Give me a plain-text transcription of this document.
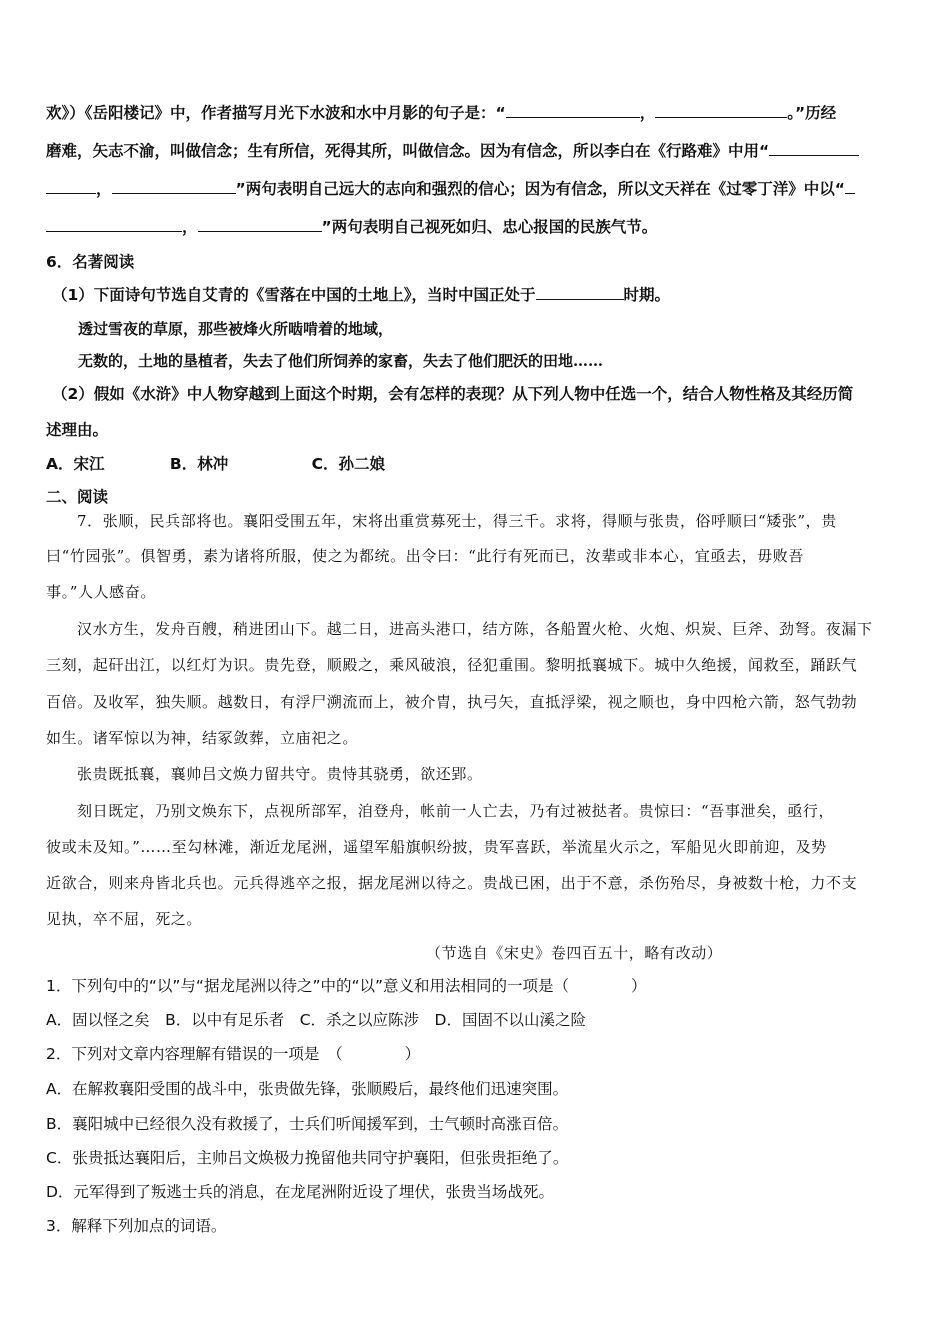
欢》）《岳阳楼记》中，作者描写月光下水波和水中月影的句子是：“	，	。”历经
磨难，矢志不渝，叫做信念；生有所信，死得其所，叫做信念。因为有信念，所以李白在《行路难》中用“
，	”两句表明自己远大的志向和强烈的信心；因为有信念，所以文天祥在《过零丁洋》中以“
，	”两句表明自己视死如归、忠心报国的民族气节。
6．名著阅读
（1）下面诗句节选自艾青的《雪落在中国的土地上》，当时中国正处于	时期。
透过雪夜的草原，那些被烽火所啮啃着的地域，
无数的，土地的垦植者，失去了他们所饲养的家畜，失去了他们肥沃的田地……
（2）假如《水浒》中人物穿越到上面这个时期，会有怎样的表现？从下列人物中任选一个，结合人物性格及其经历简
述理由。
A．宋江	B．林冲	C．孙二娘
二、阅读
7．张顺，民兵部将也。襄阳受围五年，宋将出重赏募死士，得三千。求将，得顺与张贵，俗呼顺曰“矮张”，贵
曰“竹园张”。俱智勇，素为诸将所服，使之为都统。出令曰：“此行有死而已，汝辈或非本心，宜亟去，毋败吾
事。”人人感奋。
汉水方生，发舟百艘，稍进团山下。越二日，进高头港口，结方陈，各船置火枪、火炮、炽炭、巨斧、劲弩。夜漏下
三刻，起矸出江，以红灯为识。贵先登，顺殿之，乘风破浪，径犯重围。黎明抵襄城下。城中久绝援，闻救至，踊跃气
百倍。及收军，独失顺。越数日，有浮尸溯流而上，被介胄，执弓矢，直抵浮梁，视之顺也，身中四枪六箭，怒气勃勃
如生。诸军惊以为神，结冢敛葬，立庙祀之。
张贵既抵襄，襄帅吕文焕力留共守。贵恃其骁勇，欲还郢。
刻日既定，乃别文焕东下，点视所部军，洎登舟，帐前一人亡去，乃有过被挞者。贵惊曰：“吾事泄矣，亟行，
彼或未及知。”……至勾林滩，渐近龙尾洲，遥望军船旗帜纷披，贵军喜跃，举流星火示之，军船见火即前迎，及势
近欲合，则来舟皆北兵也。元兵得逃卒之报，据龙尾洲以待之。贵战已困，出于不意，杀伤殆尽，身被数十枪，力不支
见执，卒不屈，死之。
（节选自《宋史》卷四百五十，略有改动）
1．下列句中的“以”与“据龙尾洲以待之”中的“以”意义和用法相同的一项是（　　　　）
A．固以怪之矣　B．以中有足乐者　C．杀之以应陈涉　D．国固不以山溪之险
2．下列对文章内容理解有错误的一项是　（　　　　）
A．在解救襄阳受围的战斗中，张贵做先锋，张顺殿后，最终他们迅速突围。
B．襄阳城中已经很久没有救援了，士兵们听闻援军到，士气顿时高涨百倍。
C．张贵抵达襄阳后，主帅吕文焕极力挽留他共同守护襄阳，但张贵拒绝了。
D．元军得到了叛逃士兵的消息，在龙尾洲附近设了埋伏，张贵当场战死。
3．解释下列加点的词语。
